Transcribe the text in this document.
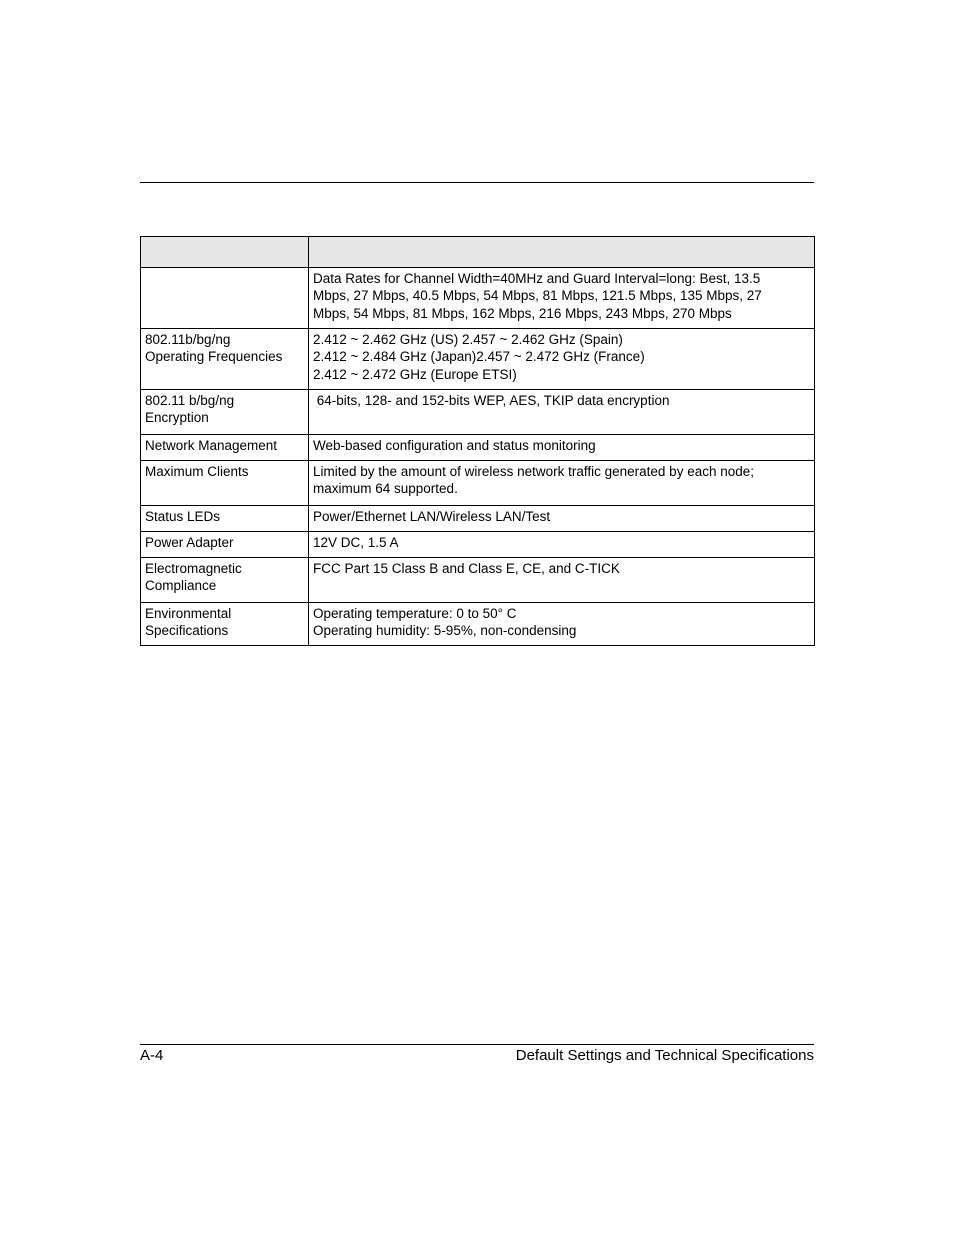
	Data Rates for Channel Width=40MHz and Guard Interval=long: Best, 13.5
Mbps, 27 Mbps, 40.5 Mbps, 54 Mbps, 81 Mbps, 121.5 Mbps, 135 Mbps, 27
Mbps, 54 Mbps, 81 Mbps, 162 Mbps, 216 Mbps, 243 Mbps, 270 Mbps

802.11b/bg/ng
Operating Frequencies	2.412 ~ 2.462 GHz (US) 2.457 ~ 2.462 GHz (Spain)
2.412 ~ 2.484 GHz (Japan)2.457 ~ 2.472 GHz (France)
2.412 ~ 2.472 GHz (Europe ETSI)

802.11 b/bg/ng
Encryption	64-bits, 128- and 152-bits WEP, AES, TKIP data encryption

Network Management	Web-based configuration and status monitoring

Maximum Clients	Limited by the amount of wireless network traffic generated by each node;
maximum 64 supported.

Status LEDs	Power/Ethernet LAN/Wireless LAN/Test

Power Adapter	12V DC, 1.5 A

Electromagnetic
Compliance	FCC Part 15 Class B and Class E, CE, and C-TICK

Environmental
Specifications	Operating temperature: 0 to 50° C
Operating humidity: 5-95%, non-condensing
A-4	Default Settings and Technical Specifications
